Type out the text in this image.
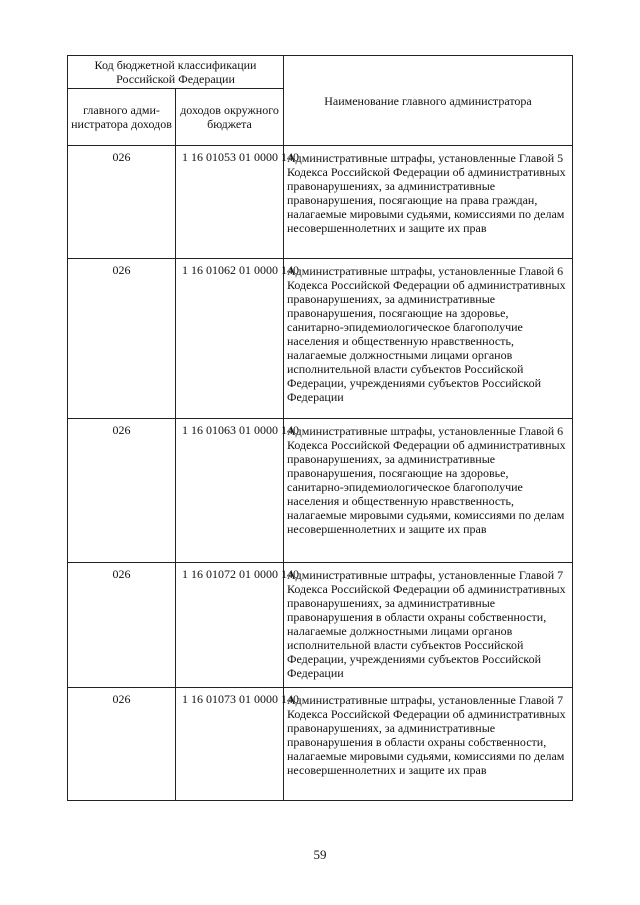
Код бюджетной классификации Российской Федерации		Наименование главного администратора
главного адми-нистратора доходов	доходов окружного бюджета	
026	1 16 01053 01 0000 140	Административные штрафы, установленные Главой 5 Кодекса Российской Федерации об административных правонарушениях, за административные правонарушения, посягающие на права граждан, налагаемые мировыми судьями, комиссиями по делам несовершеннолетних и защите их прав
026	1 16 01062 01 0000 140	Административные штрафы, установленные Главой 6 Кодекса Российской Федерации об административных правонарушениях, за административные правонарушения, посягающие на здоровье, санитарно-эпидемиологическое благополучие населения и общественную нравственность, налагаемые должностными лицами органов исполнительной власти субъектов Российской Федерации, учреждениями субъектов Российской Федерации
026	1 16 01063 01 0000 140	Административные штрафы, установленные Главой 6 Кодекса Российской Федерации об административных правонарушениях, за административные правонарушения, посягающие на здоровье, санитарно-эпидемиологическое благополучие населения и общественную нравственность, налагаемые мировыми судьями, комиссиями по делам несовершеннолетних и защите их прав
026	1 16 01072 01 0000 140	Административные штрафы, установленные Главой 7 Кодекса Российской Федерации об административных правонарушениях, за административные правонарушения в области охраны собственности, налагаемые должностными лицами органов исполнительной власти субъектов Российской Федерации, учреждениями субъектов Российской Федерации
026	1 16 01073 01 0000 140	Административные штрафы, установленные Главой 7 Кодекса Российской Федерации об административных правонарушениях, за административные правонарушения в области охраны собственности, налагаемые мировыми судьями, комиссиями по делам несовершеннолетних и защите их прав
59
